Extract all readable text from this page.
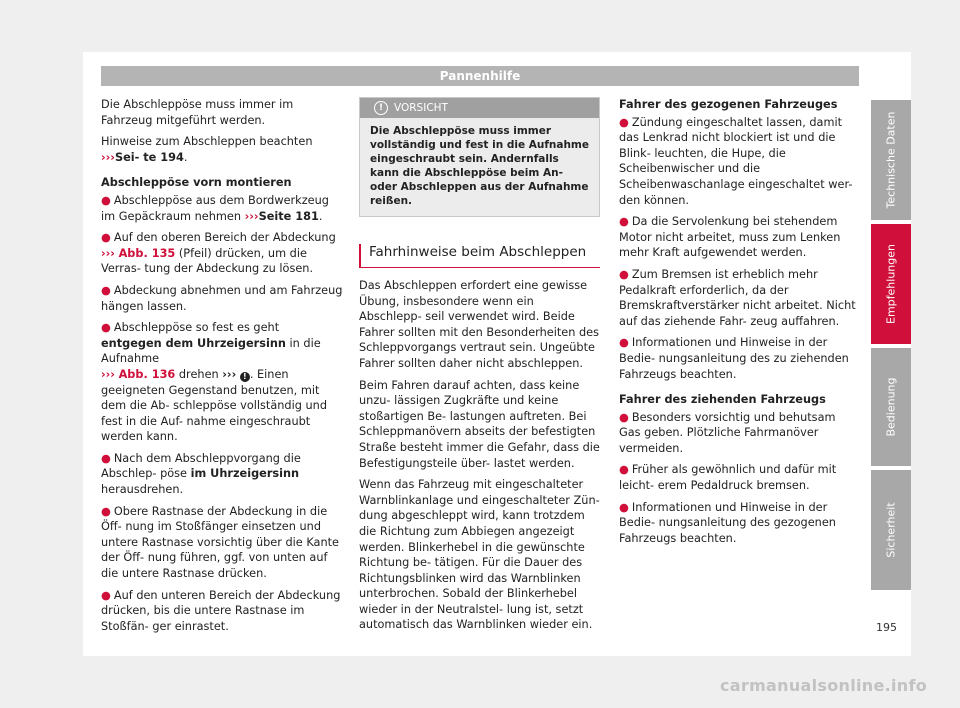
Pannenhilfe

Die Abschleppöse muss immer im Fahrzeug mitgeführt werden.

Hinweise zum Abschleppen beachten ›››Sei- te 194.

Abschleppöse vorn montieren

● Abschleppöse aus dem Bordwerkzeug im Gepäckraum nehmen ›››Seite 181.

● Auf den oberen Bereich der Abdeckung
››› Abb. 135 (Pfeil) drücken, um die Verras- tung der Abdeckung zu lösen.

● Abdeckung abnehmen und am Fahrzeug hängen lassen.

● Abschleppöse so fest es geht entgegen dem Uhrzeigersinn in die Aufnahme
››› Abb. 136 drehen ››› ! . Einen geeigneten Gegenstand benutzen, mit dem die Ab- schleppöse vollständig und fest in die Auf- nahme eingeschraubt werden kann.

● Nach dem Abschleppvorgang die Abschlep- pöse im Uhrzeigersinn herausdrehen.

● Obere Rastnase der Abdeckung in die Öff- nung im Stoßfänger einsetzen und untere Rastnase vorsichtig über die Kante der Öff- nung führen, ggf. von unten auf die untere Rastnase drücken.

● Auf den unteren Bereich der Abdeckung drücken, bis die untere Rastnase im Stoßfän- ger einrastet.

! VORSICHT
Die Abschleppöse muss immer vollständig und fest in die Aufnahme eingeschraubt sein. Andernfalls kann die Abschleppöse beim An- oder Abschleppen aus der Aufnahme reißen.
Fahrhinweise beim Abschleppen

Das Abschleppen erfordert eine gewisse Übung, insbesondere wenn ein Abschlepp- seil verwendet wird. Beide Fahrer sollten mit den Besonderheiten des Schleppvorgangs vertraut sein. Ungeübte Fahrer sollten daher nicht abschleppen.

Beim Fahren darauf achten, dass keine unzu- lässigen Zugkräfte und keine stoßartigen Be- lastungen auftreten. Bei Schleppmanövern abseits der befestigten Straße besteht immer die Gefahr, dass die Befestigungsteile über- lastet werden.

Wenn das Fahrzeug mit eingeschalteter Warnblinkanlage und eingeschalteter Zün- dung abgeschleppt wird, kann trotzdem die Richtung zum Abbiegen angezeigt werden. Blinkerhebel in die gewünschte Richtung be- tätigen. Für die Dauer des Richtungsblinken wird das Warnblinken unterbrochen. Sobald der Blinkerhebel wieder in der Neutralstel- lung ist, setzt automatisch das Warnblinken wieder ein.

Fahrer des gezogenen Fahrzeuges

● Zündung eingeschaltet lassen, damit das Lenkrad nicht blockiert ist und die Blink- leuchten, die Hupe, die Scheibenwischer und die Scheibenwaschanlage eingeschaltet wer- den können.

● Da die Servolenkung bei stehendem Motor nicht arbeitet, muss zum Lenken mehr Kraft aufgewendet werden.

● Zum Bremsen ist erheblich mehr Pedalkraft erforderlich, da der Bremskraftverstärker nicht arbeitet. Nicht auf das ziehende Fahr- zeug auffahren.

● Informationen und Hinweise in der Bedie- nungsanleitung des zu ziehenden Fahrzeugs beachten.

Fahrer des ziehenden Fahrzeugs

● Besonders vorsichtig und behutsam Gas geben. Plötzliche Fahrmanöver vermeiden.

● Früher als gewöhnlich und dafür mit leicht- erem Pedaldruck bremsen.

● Informationen und Hinweise in der Bedie- nungsanleitung des gezogenen Fahrzeugs beachten.

Technische Daten
Empfehlungen
Bedienung
Sicherheit
195
carmanualsonline.info
